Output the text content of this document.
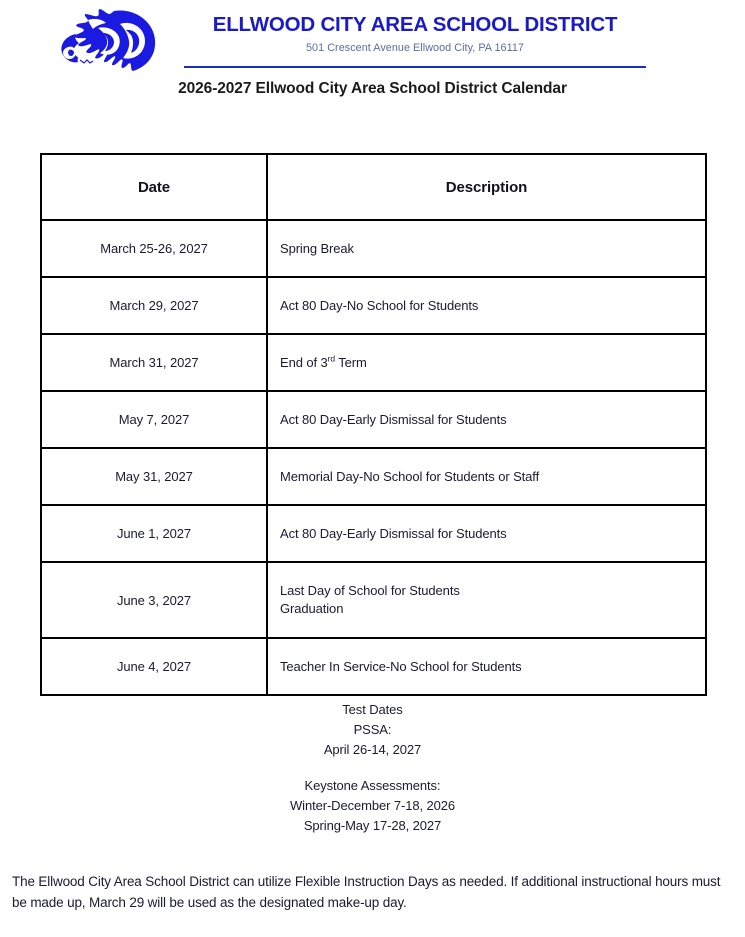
ELLWOOD CITY AREA SCHOOL DISTRICT
501 Crescent Avenue Ellwood City, PA 16117
2026-2027 Ellwood City Area School District Calendar
Date	Description
March 25-26, 2027	Spring Break
March 29, 2027	Act 80 Day-No School for Students
March 31, 2027	End of 3rd Term
May 7, 2027	Act 80 Day-Early Dismissal for Students
May 31, 2027	Memorial Day-No School for Students or Staff
June 1, 2027	Act 80 Day-Early Dismissal for Students
June 3, 2027	Last Day of School for Students
Graduation

June 4, 2027	Teacher In Service-No School for Students
Test Dates
PSSA:
April 26-14, 2027
Keystone Assessments:
Winter-December 7-18, 2026
Spring-May 17-28, 2027
The Ellwood City Area School District can utilize Flexible Instruction Days as needed. If additional instructional hours must be made up, March 29 will be used as the designated make-up day.
